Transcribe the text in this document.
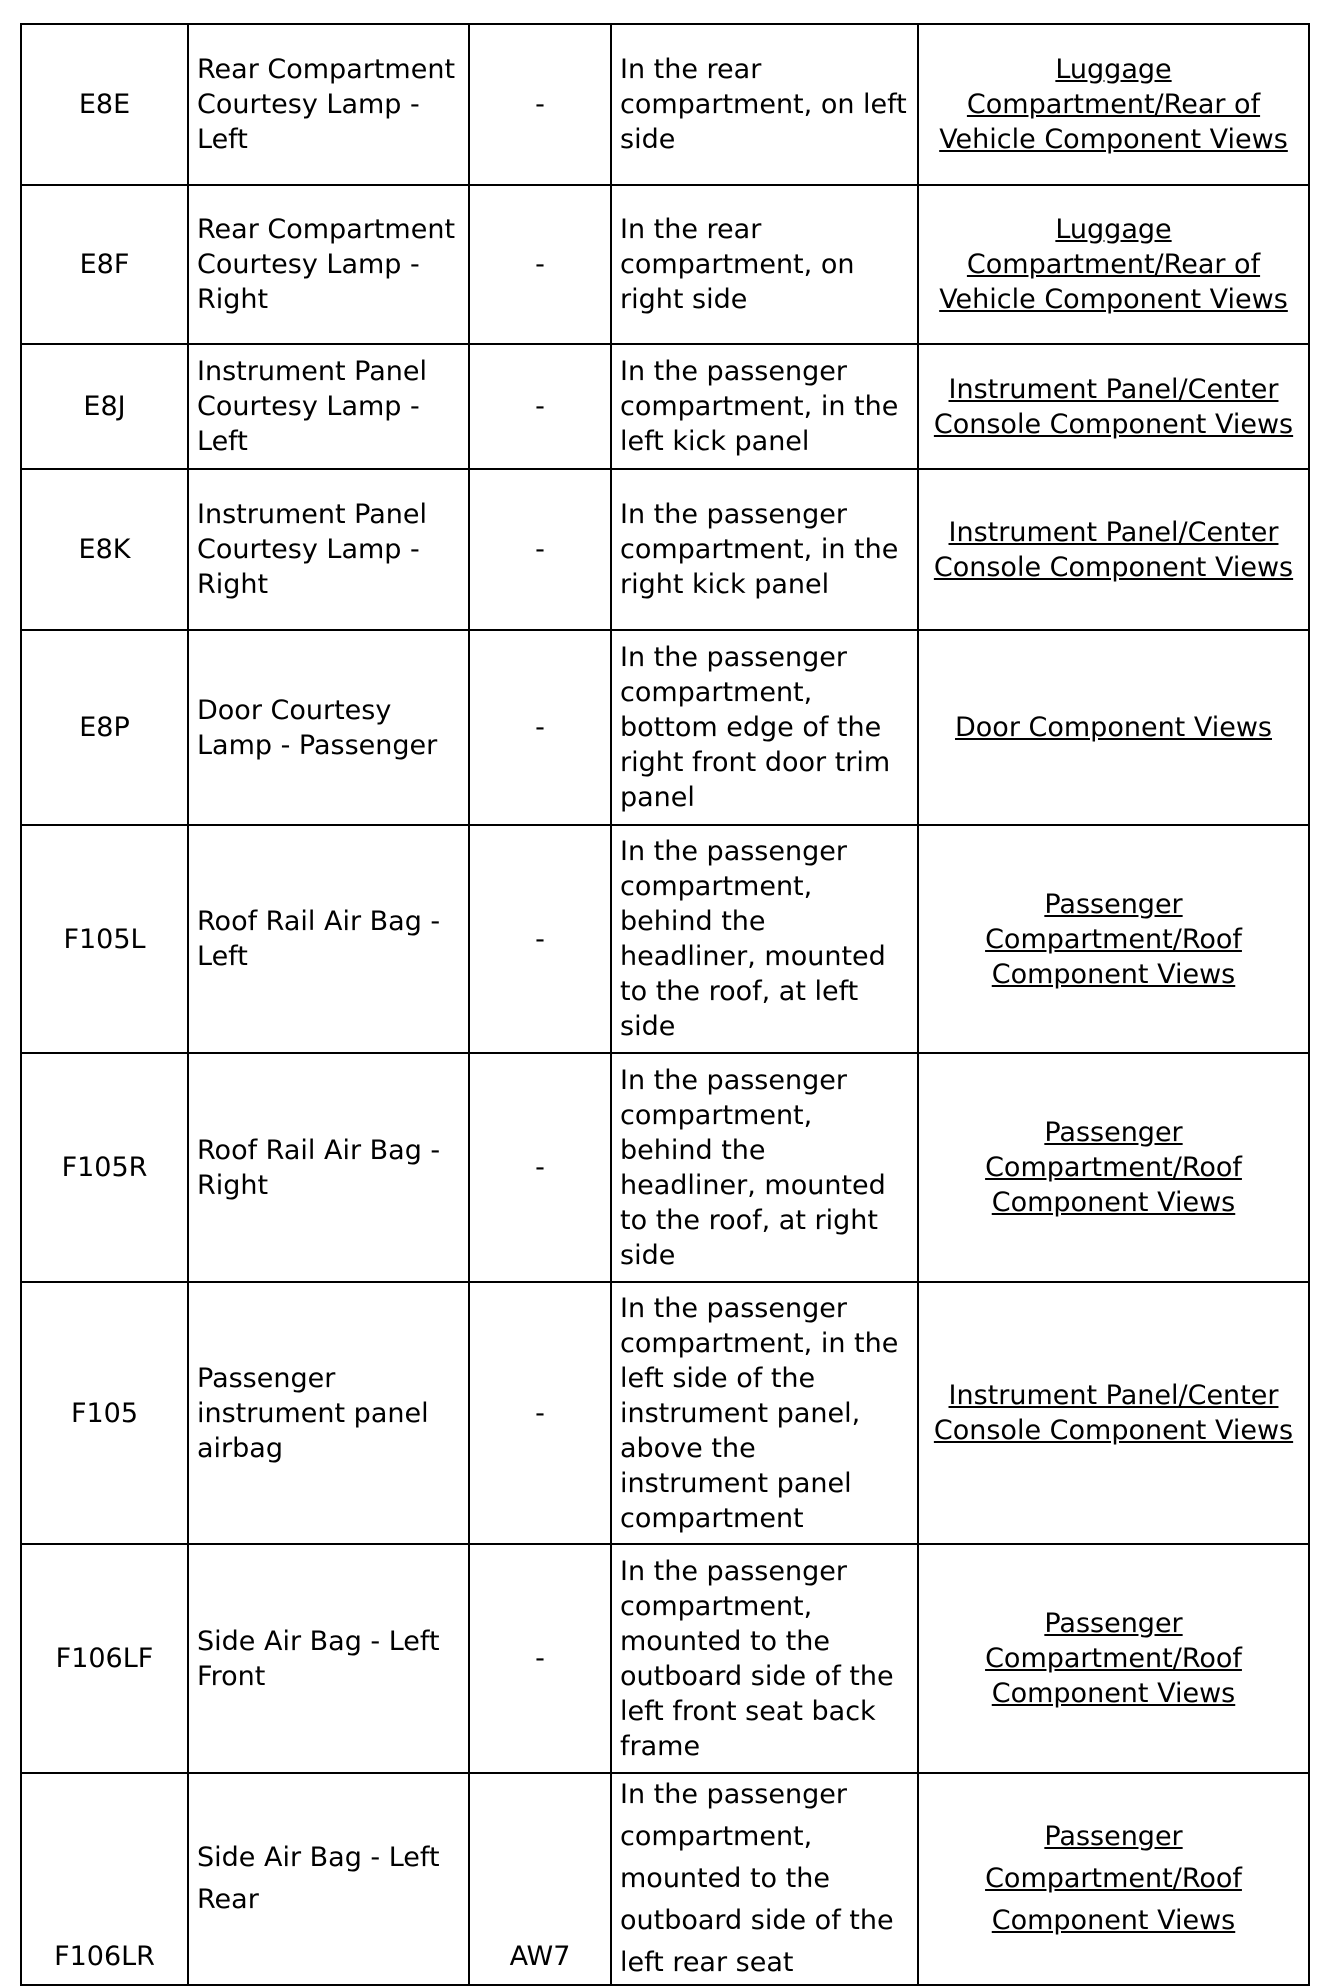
E8E	Rear Compartment Courtesy Lamp - Left	-	In the rear compartment, on left side	Luggage Compartment/Rear of Vehicle Component Views
E8F	Rear Compartment Courtesy Lamp - Right	-	In the rear compartment, on right side	Luggage Compartment/Rear of Vehicle Component Views
E8J	Instrument Panel Courtesy Lamp - Left	-	In the passenger compartment, in the left kick panel	Instrument Panel/Center Console Component Views
E8K	Instrument Panel Courtesy Lamp - Right	-	In the passenger compartment, in the right kick panel	Instrument Panel/Center Console Component Views
E8P	Door Courtesy Lamp - Passenger	-	In the passenger compartment, bottom edge of the right front door trim panel	Door Component Views
F105L	Roof Rail Air Bag - Left	-	In the passenger compartment, behind the headliner, mounted to the roof, at left side	Passenger Compartment/Roof Component Views
F105R	Roof Rail Air Bag - Right	-	In the passenger compartment, behind the headliner, mounted to the roof, at right side	Passenger Compartment/Roof Component Views
F105	Passenger instrument panel airbag	-	In the passenger compartment, in the left side of the instrument panel, above the instrument panel compartment	Instrument Panel/Center Console Component Views
F106LF	Side Air Bag - Left Front	-	In the passenger compartment, mounted to the outboard side of the left front seat back frame	Passenger Compartment/Roof Component Views
F106LR	Side Air Bag - Left Rear	AW7	In the passenger compartment, mounted to the outboard side of the left rear seat	Passenger Compartment/Roof Component Views
